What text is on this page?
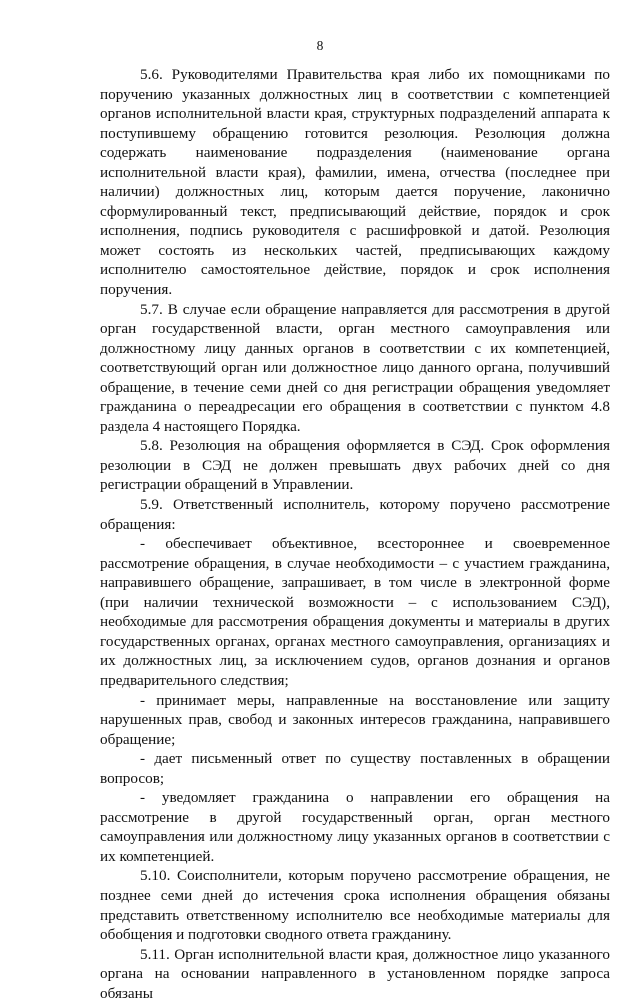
8

5.6. Руководителями Правительства края либо их помощниками по поручению указанных должностных лиц в соответствии с компетенцией органов исполнительной власти края, структурных подразделений аппарата к поступившему обращению готовится резолюция. Резолюция должна содержать наименование подразделения (наименование органа исполнительной власти края), фамилии, имена, отчества (последнее при наличии) должностных лиц, которым дается поручение, лаконично сформулированный текст, предписывающий действие, порядок и срок исполнения, подпись руководителя с расшифровкой и датой. Резолюция может состоять из нескольких частей, предписывающих каждому исполнителю самостоятельное действие, порядок и срок исполнения поручения.

5.7. В случае если обращение направляется для рассмотрения в другой орган государственной власти, орган местного самоуправления или должностному лицу данных органов в соответствии с их компетенцией, соответствующий орган или должностное лицо данного органа, получивший обращение, в течение семи дней со дня регистрации обращения уведомляет гражданина о переадресации его обращения в соответствии с пунктом 4.8 раздела 4 настоящего Порядка.

5.8. Резолюция на обращения оформляется в СЭД. Срок оформления резолюции в СЭД не должен превышать двух рабочих дней со дня регистрации обращений в Управлении.

5.9. Ответственный исполнитель, которому поручено рассмотрение обращения:

- обеспечивает объективное, всестороннее и своевременное рассмотрение обращения, в случае необходимости – с участием гражданина, направившего обращение, запрашивает, в том числе в электронной форме (при наличии технической возможности – с использованием СЭД), необходимые для рассмотрения обращения документы и материалы в других государственных органах, органах местного самоуправления, организациях и их должностных лиц, за исключением судов, органов дознания и органов предварительного следствия;

- принимает меры, направленные на восстановление или защиту нарушенных прав, свобод и законных интересов гражданина, направившего обращение;

- дает письменный ответ по существу поставленных в обращении вопросов;

- уведомляет гражданина о направлении его обращения на рассмотрение в другой государственный орган, орган местного самоуправления или должностному лицу указанных органов в соответствии с их компетенцией.

5.10. Соисполнители, которым поручено рассмотрение обращения, не позднее семи дней до истечения срока исполнения обращения обязаны представить ответственному исполнителю все необходимые материалы для обобщения и подготовки сводного ответа гражданину.

5.11. Орган исполнительной власти края, должностное лицо указанного органа на основании направленного в установленном порядке запроса обязаны
